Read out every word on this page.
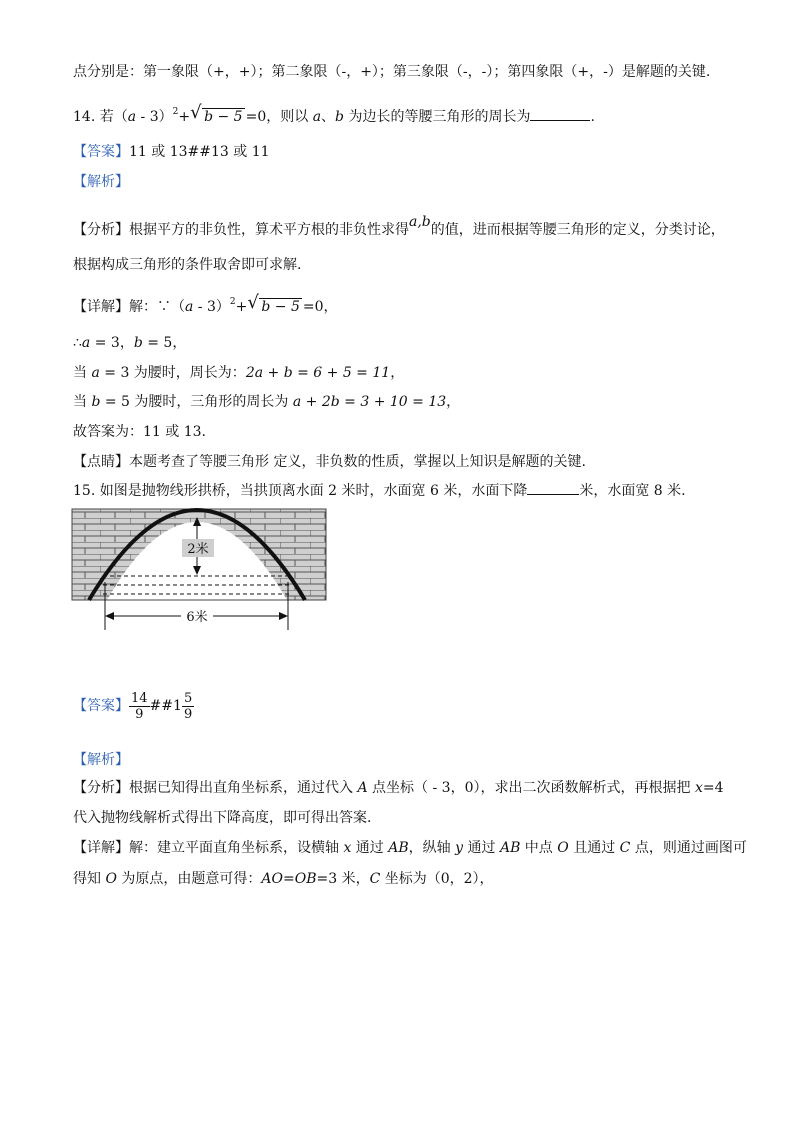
点分别是：第一象限（+，+）；第二象限（-，+）；第三象限（-，-）；第四象限（+，-）是解题的关键.
14. 若（a - 3）$^2$+ √ b − 5 =0，则以 a、b 为边长的等腰三角形的周长为	.
【答案】11 或 13##13 或 11
【解析】
【分析】根据平方的非负性，算术平方根的非负性求得a,b的值，进而根据等腰三角形的定义，分类讨论，
根据构成三角形的条件取舍即可求解.
【详解】解：∵（a - 3）$^2$+ √ b − 5 =0，
∴a = 3，b = 5，
当 a = 3 为腰时，周长为：2a + b = 6 + 5 = 11，
当 b = 5 为腰时，三角形的周长为 a + 2b = 3 + 10 = 13，
故答案为：11 或 13.
【点睛】本题考查了等腰三角形 定义，非负数的性质，掌握以上知识是解题的关键.
15. 如图是抛物线形拱桥，当拱顶离水面 2 米时，水面宽 6 米，水面下降	米，水面宽 8 米.
2米
6米
【答案】 $\frac{14}{9}$ ##1 $\frac{5}{9}$
【解析】
【分析】根据已知得出直角坐标系，通过代入 A 点坐标（ - 3，0），求出二次函数解析式，再根据把 x=4
代入抛物线解析式得出下降高度，即可得出答案.
【详解】解：建立平面直角坐标系，设横轴 x 通过 AB，纵轴 y 通过 AB 中点 O 且通过 C 点，则通过画图可
得知 O 为原点，由题意可得：AO=OB=3 米，C 坐标为（0，2），
